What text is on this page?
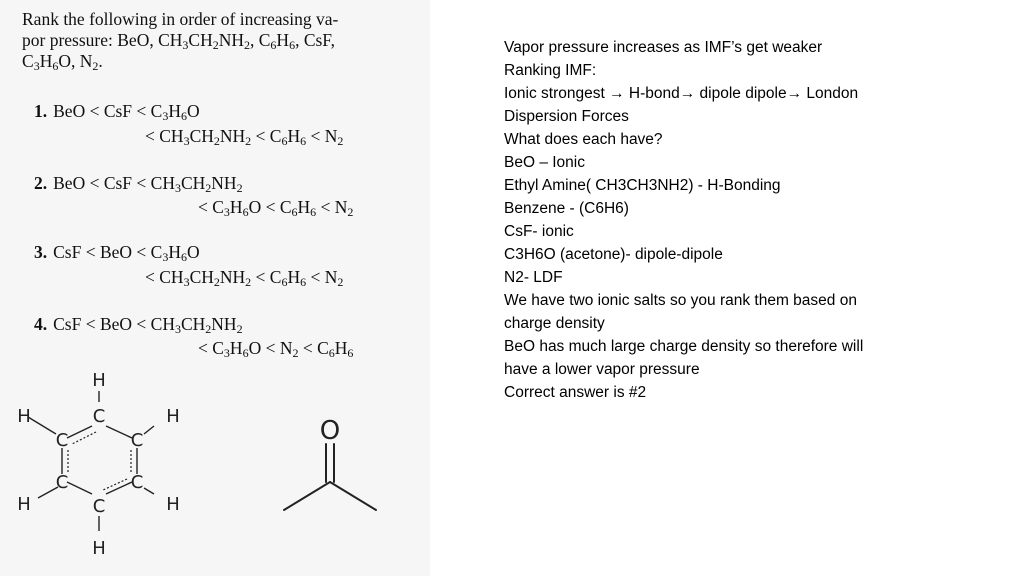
Rank the following in order of increasing va-
por pressure: BeO, $CH_3CH_2NH_2$, $C_6H_6$, CsF,
$C_3H_6O$, $N_2$.
1. BeO < CsF < $C_3H_6O$
< $CH_3CH_2NH_2 < C_6H_6 < N_2$
2. BeO < CsF < $CH_3CH_2NH_2$
< $C_3H_6O < C_6H_6 < N_2$
3. CsF < BeO < $C_3H_6O$
< $CH_3CH_2NH_2 < C_6H_6 < N_2$
4. CsF < BeO < $CH_3CH_2NH_2$
< $C_3H_6O < N_2 < C_6H_6$
H
C
H	H
C	C
C	C
H	H
C
H
O

Vapor pressure increases as IMF’s get weaker

Ranking IMF:

Ionic strongest → H-bond→ dipole dipole→ London

Dispersion Forces

What does each have?

BeO – Ionic

Ethyl Amine( CH3CH3NH2) - H-Bonding

Benzene - (C6H6)

CsF- ionic

C3H6O (acetone)- dipole-dipole

N2- LDF

We have two ionic salts so you rank them based on

charge density

BeO has much large charge density so therefore will

have a lower vapor pressure

Correct answer is #2
